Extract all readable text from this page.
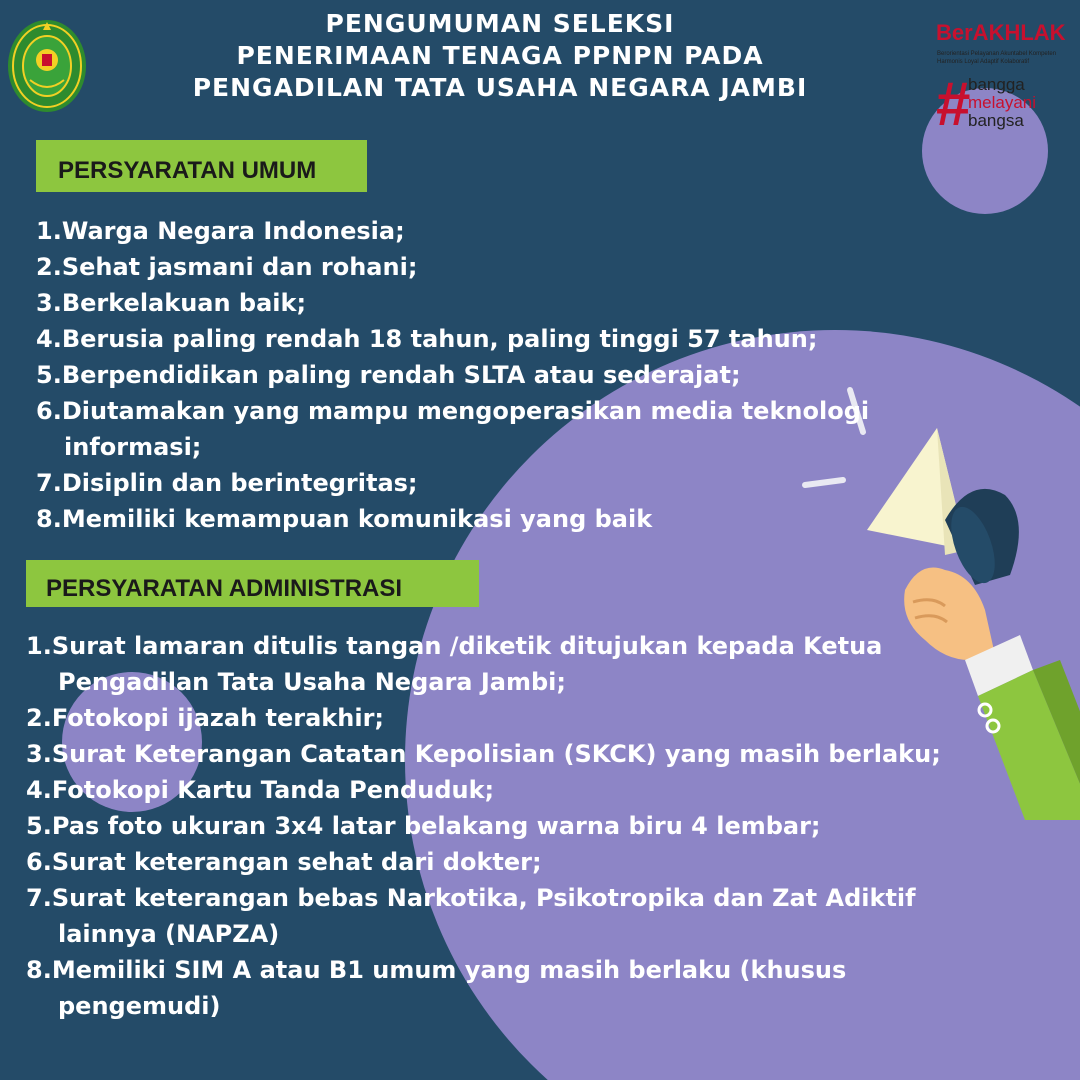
PENGUMUMAN SELEKSI
PENERIMAAN TENAGA PPNPN PADA
PENGADILAN TATA USAHA NEGARA JAMBI
BerAKHLAK
Berorientasi Pelayanan Akuntabel Kompeten
Harmonis Loyal Adaptif Kolaboratif
#
bangga
melayani
bangsa
PERSYARATAN UMUM
1. Warga Negara Indonesia;
2. Sehat jasmani dan rohani;
3. Berkelakuan baik;
4. Berusia paling rendah 18 tahun, paling tinggi 57 tahun;
5. Berpendidikan paling rendah SLTA atau sederajat;
6. Diutamakan yang mampu mengoperasikan media teknologi
informasi;
7. Disiplin dan berintegritas;
8. Memiliki kemampuan komunikasi yang baik
PERSYARATAN ADMINISTRASI
1. Surat lamaran ditulis tangan /diketik ditujukan kepada Ketua
Pengadilan Tata Usaha Negara Jambi;
2. Fotokopi ijazah terakhir;
3. Surat Keterangan Catatan Kepolisian (SKCK) yang masih berlaku;
4. Fotokopi Kartu Tanda Penduduk;
5. Pas foto ukuran 3x4 latar belakang warna biru 4 lembar;
6. Surat keterangan sehat dari dokter;
7. Surat keterangan bebas Narkotika, Psikotropika dan Zat Adiktif
lainnya (NAPZA)
8. Memiliki SIM A atau B1 umum yang masih berlaku (khusus
pengemudi)
